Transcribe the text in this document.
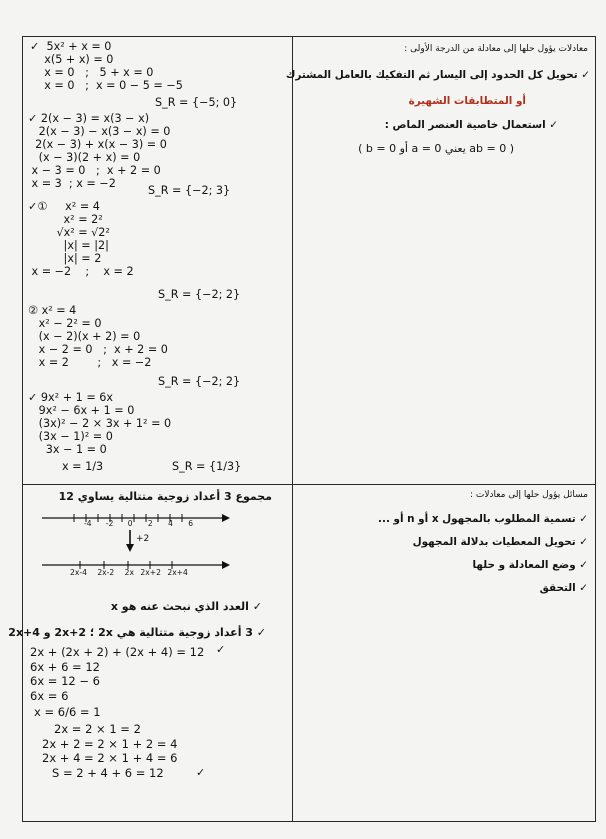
معادلات يؤول حلها إلى معادلة من الدرجة الأولى :
✓ تحويل كل الحدود إلى اليسار ثم التفكيك بالعامل المشترك
أو المتطابقات الشهيرة
✓ استعمال خاصية العنصر الماص :
( ab = 0 يعني a = 0 أو b = 0 )
✓  5x² + x = 0
x(5 + x) = 0
x = 0   ;   5 + x = 0
x = 0   ;  x = 0 − 5 = −5
S_R = {−5; 0}
✓ 2(x − 3) = x(3 − x)
2(x − 3) − x(3 − x) = 0
2(x − 3) + x(x − 3) = 0
(x − 3)(2 + x) = 0
x − 3 = 0   ;  x + 2 = 0
x = 3  ; x = −2
S_R = {−2; 3}
✓①     x² = 4
x² = 2²
√x² = √2²
|x| = |2|
|x| = 2
x = −2    ;    x = 2
S_R = {−2; 2}
② x² = 4
x² − 2² = 0
(x − 2)(x + 2) = 0
x − 2 = 0   ;  x + 2 = 0
x = 2        ;   x = −2
S_R = {−2; 2}
✓ 9x² + 1 = 6x
9x² − 6x + 1 = 0
(3x)² − 2 × 3x + 1² = 0
(3x − 1)² = 0
3x − 1 = 0
x = 1/3	S_R = {1/3}
مسائل يؤول حلها إلى معادلات :
✓ تسمية المطلوب بالمجهول x أو n أو ...
✓ تحويل المعطيات بدلالة المجهول
✓ وضع المعادلة و حلها
✓ التحقق
مجموع 3 أعداد زوجية متتالية يساوي 12
-4 -2 0 2 4 6
+2
2x-4 2x-2 2x 2x+2 2x+4
✓ العدد الذي نبحث عنه هو x
✓ 3 أعداد زوجية متتالية هي 2x ؛ 2x+2 و 2x+4
2x + (2x + 2) + (2x + 4) = 12
6x + 6 = 12
6x = 12 − 6
6x = 6
✓
x = 6/6 = 1
2x = 2 × 1 = 2
2x + 2 = 2 × 1 + 2 = 4
2x + 4 = 2 × 1 + 4 = 6
S = 2 + 4 + 6 = 12	✓
